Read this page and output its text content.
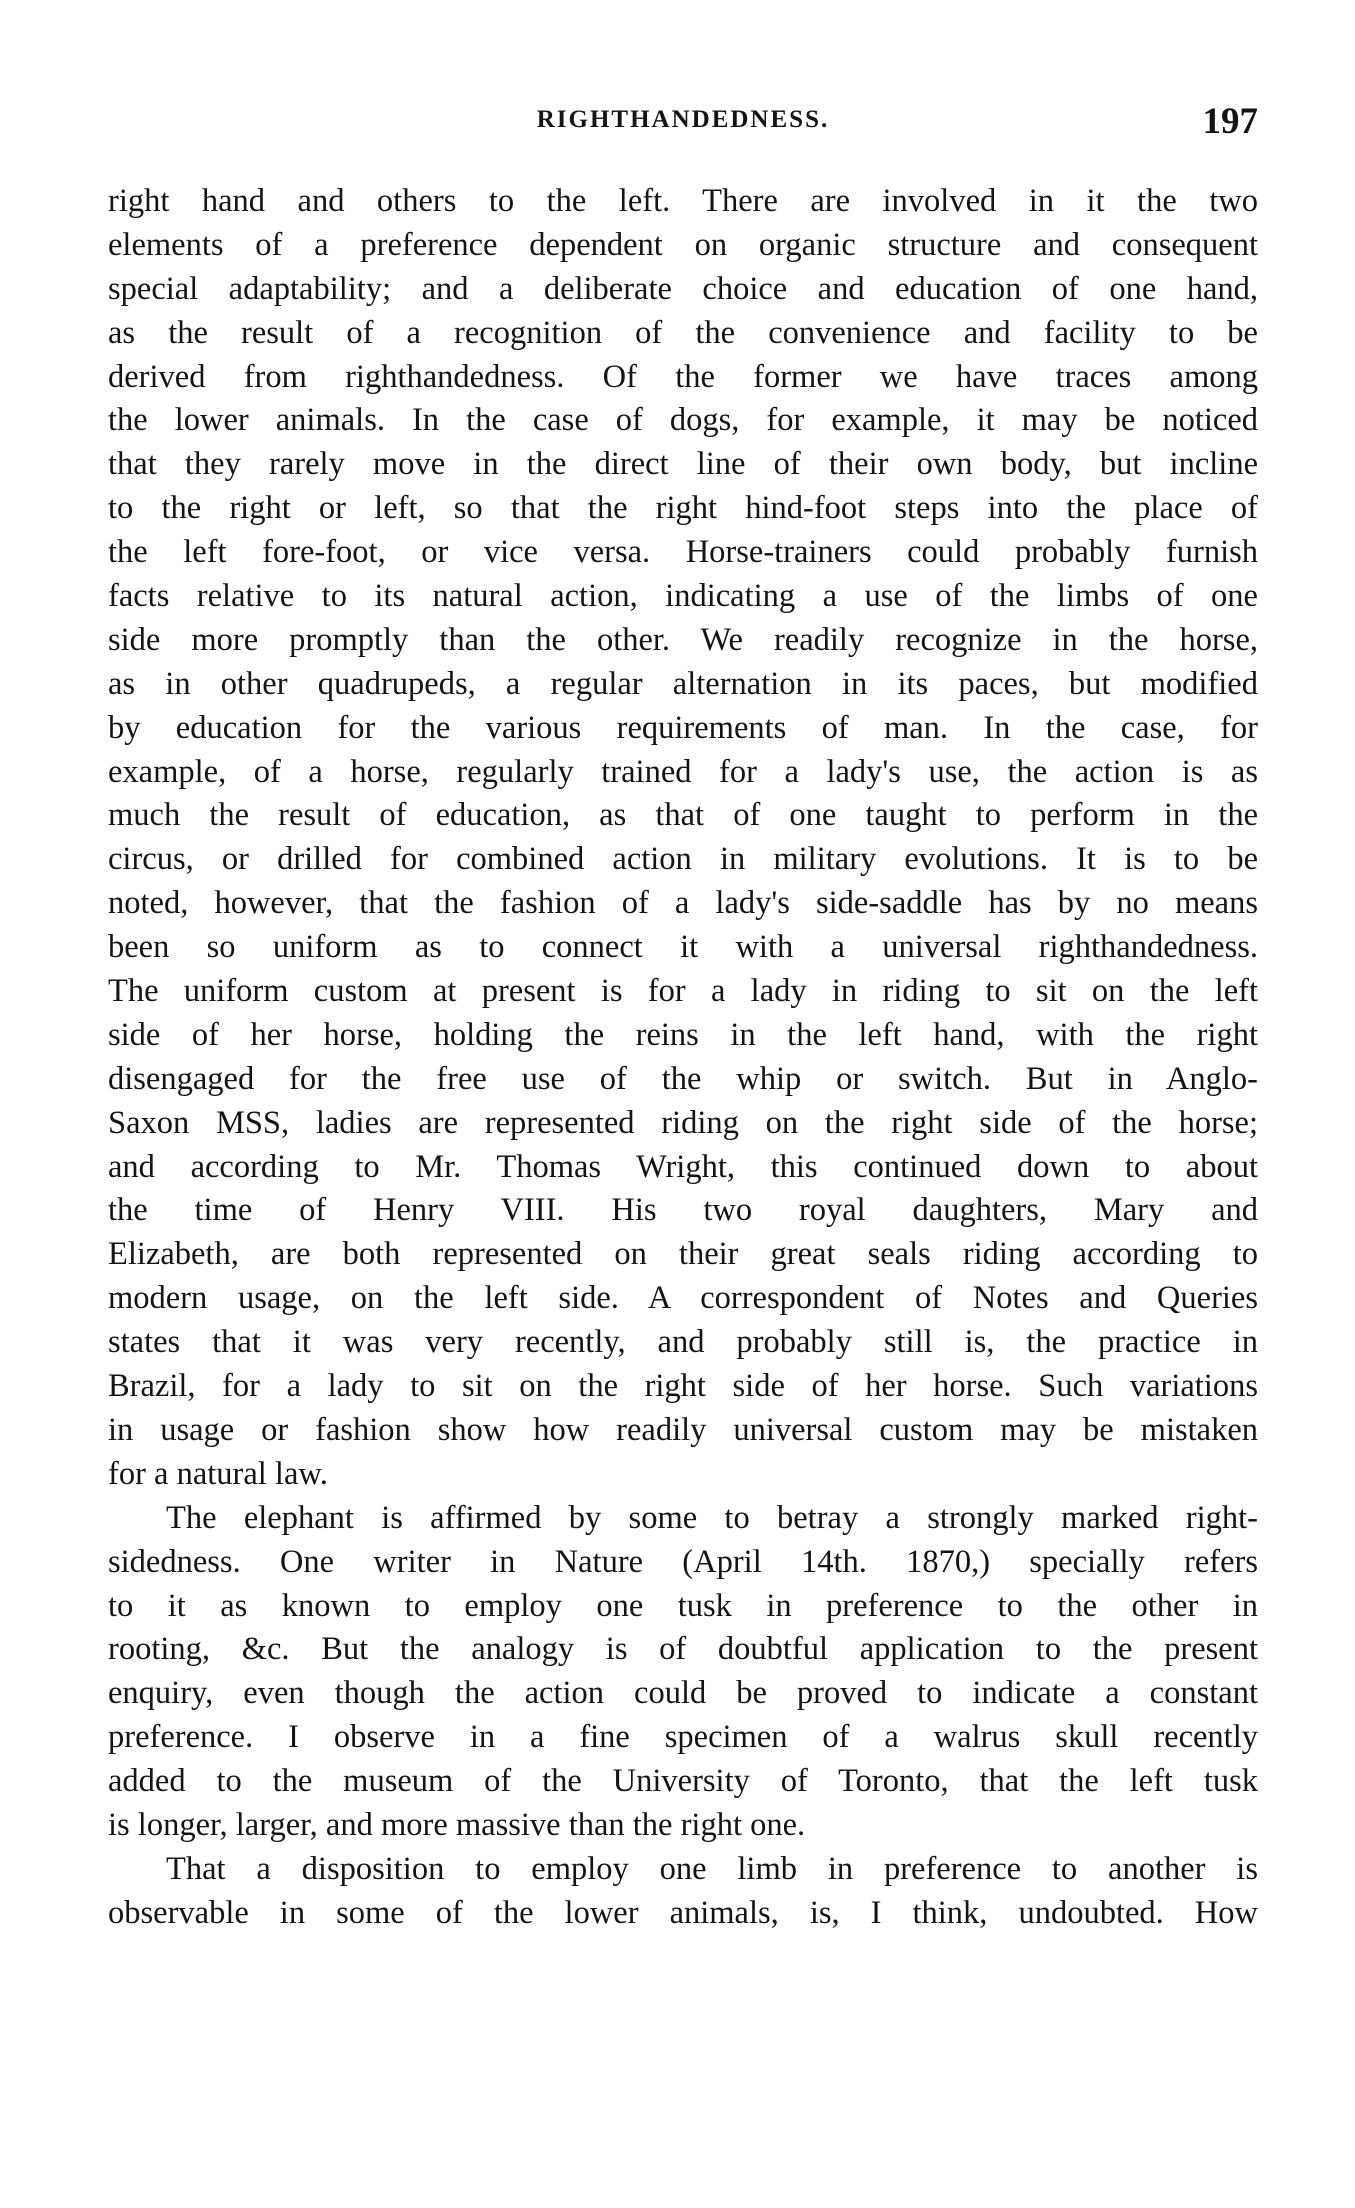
RIGHTHANDEDNESS.	197
right hand and others to the left. There are involved in it the two
elements of a preference dependent on organic structure and consequent
special adaptability; and a deliberate choice and education of one hand,
as the result of a recognition of the convenience and facility to be
derived from righthandedness. Of the former we have traces among
the lower animals. In the case of dogs, for example, it may be noticed
that they rarely move in the direct line of their own body, but incline
to the right or left, so that the right hind-foot steps into the place of
the left fore-foot, or vice versa. Horse-trainers could probably furnish
facts relative to its natural action, indicating a use of the limbs of one
side more promptly than the other. We readily recognize in the horse,
as in other quadrupeds, a regular alternation in its paces, but modified
by education for the various requirements of man. In the case, for
example, of a horse, regularly trained for a lady's use, the action is as
much the result of education, as that of one taught to perform in the
circus, or drilled for combined action in military evolutions. It is to be
noted, however, that the fashion of a lady's side-saddle has by no means
been so uniform as to connect it with a universal righthandedness.
The uniform custom at present is for a lady in riding to sit on the left
side of her horse, holding the reins in the left hand, with the right
disengaged for the free use of the whip or switch. But in Anglo-
Saxon MSS, ladies are represented riding on the right side of the horse;
and according to Mr. Thomas Wright, this continued down to about
the time of Henry VIII. His two royal daughters, Mary and
Elizabeth, are both represented on their great seals riding according to
modern usage, on the left side. A correspondent of Notes and Queries
states that it was very recently, and probably still is, the practice in
Brazil, for a lady to sit on the right side of her horse. Such variations
in usage or fashion show how readily universal custom may be mistaken
for a natural law.
The elephant is affirmed by some to betray a strongly marked right-
sidedness. One writer in Nature (April 14th. 1870,) specially refers
to it as known to employ one tusk in preference to the other in
rooting, &c. But the analogy is of doubtful application to the present
enquiry, even though the action could be proved to indicate a constant
preference. I observe in a fine specimen of a walrus skull recently
added to the museum of the University of Toronto, that the left tusk
is longer, larger, and more massive than the right one.
That a disposition to employ one limb in preference to another is
observable in some of the lower animals, is, I think, undoubted. How
